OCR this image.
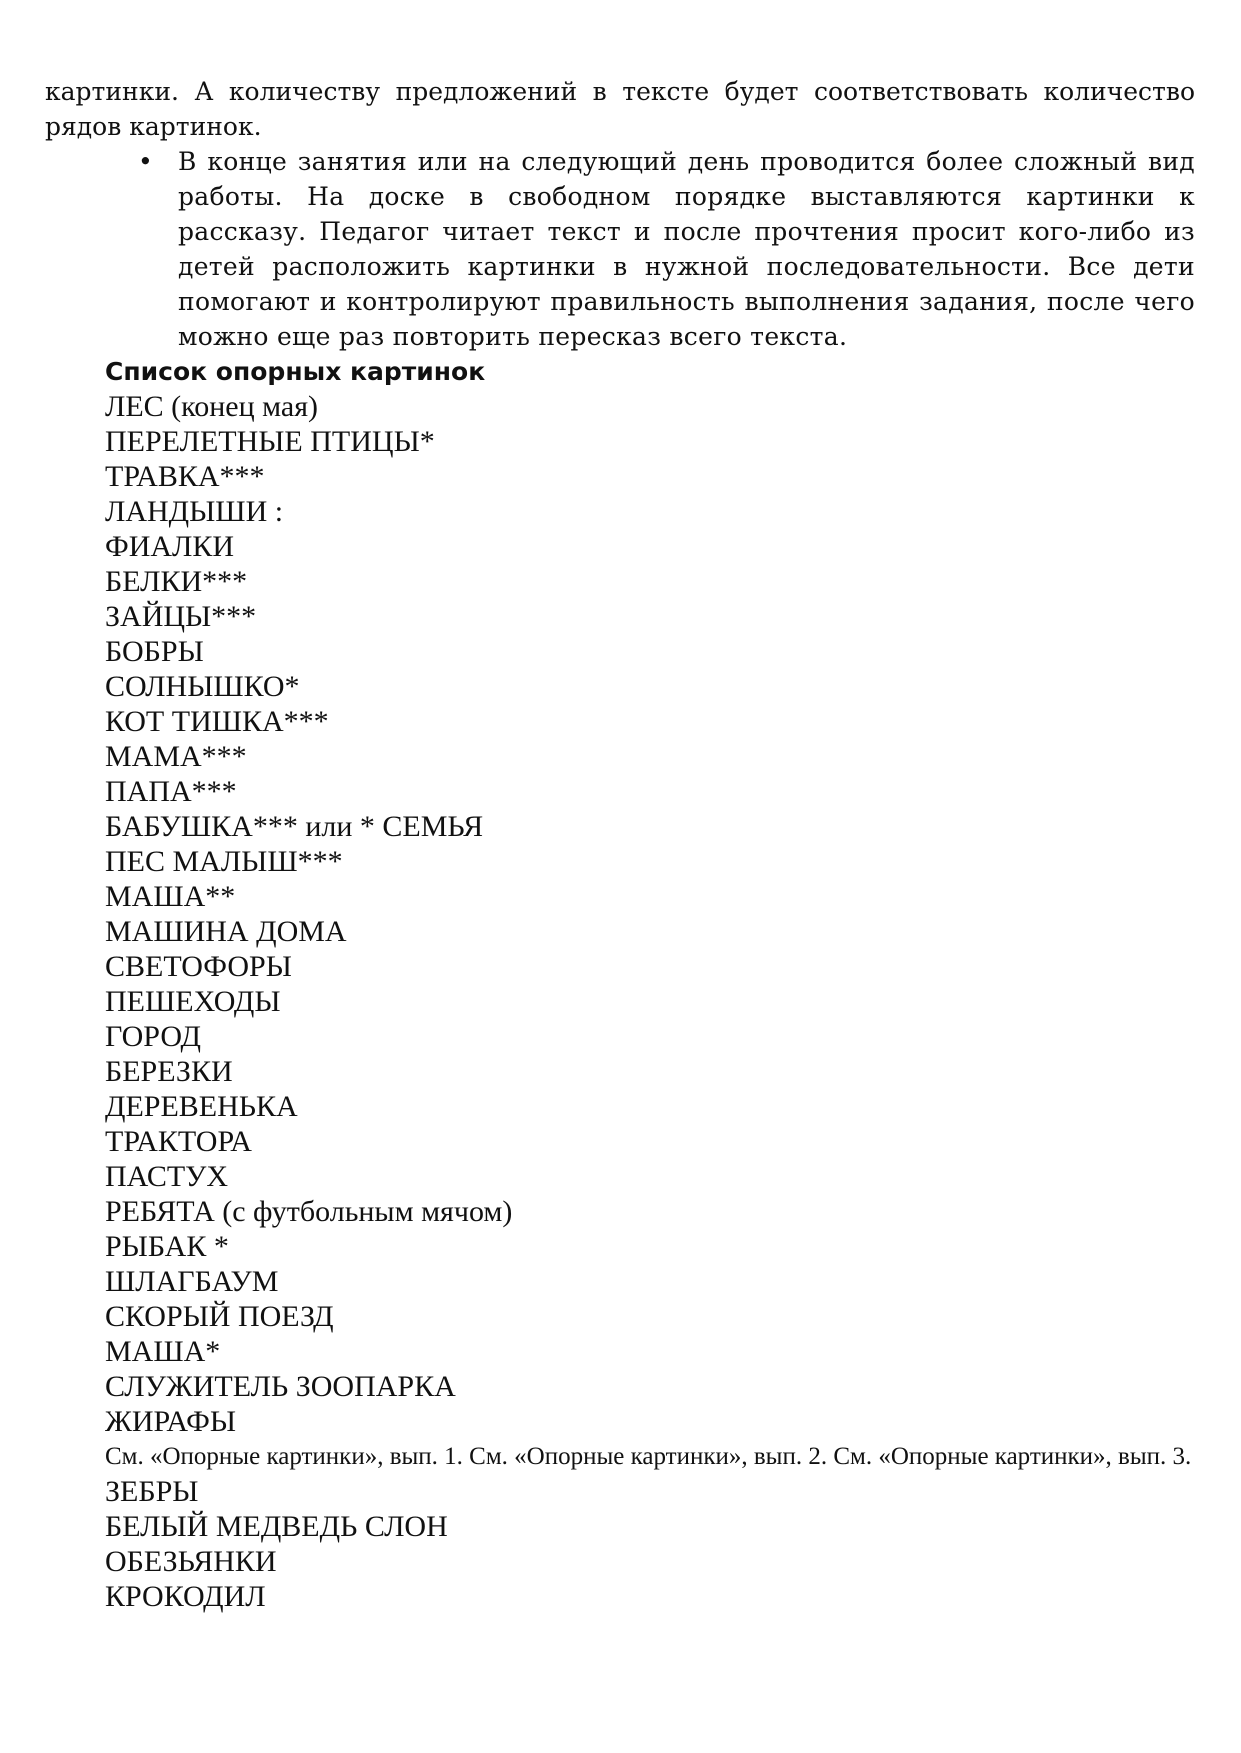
картинки. А количеству предложений в тексте будет соответствовать количество рядов картинок.
• В конце занятия или на следующий день проводится более сложный вид работы. На доске в свободном порядке выставляются картинки к рассказу. Педагог читает текст и после прочтения просит кого-либо из детей расположить картинки в нужной последовательности. Все дети помогают и контролируют правильность выполнения задания, после чего можно еще раз повторить пересказ всего текста.
Список опорных картинок
ЛЕС (конец мая)
ПЕРЕЛЕТНЫЕ ПТИЦЫ*
ТРАВКА***
ЛАНДЫШИ :
ФИАЛКИ
БЕЛКИ***
ЗАЙЦЫ***
БОБРЫ
СОЛНЫШКО*
КОТ ТИШКА***
МАМА***
ПАПА***
БАБУШКА*** или * СЕМЬЯ
ПЕС МАЛЫШ***
МАША**
МАШИНА ДОМА
СВЕТОФОРЫ
ПЕШЕХОДЫ
ГОРОД
БЕРЕЗКИ
ДЕРЕВЕНЬКА
ТРАКТОРА
ПАСТУХ
РЕБЯТА (с футбольным мячом)
РЫБАК *
ШЛАГБАУМ
СКОРЫЙ ПОЕЗД
МАША*
СЛУЖИТЕЛЬ ЗООПАРКА
ЖИРАФЫ
См. «Опорные картинки», вып. 1. См. «Опорные картинки», вып. 2. См. «Опорные картинки», вып. 3.
ЗЕБРЫ
БЕЛЫЙ МЕДВЕДЬ СЛОН
ОБЕЗЬЯНКИ
КРОКОДИЛ
